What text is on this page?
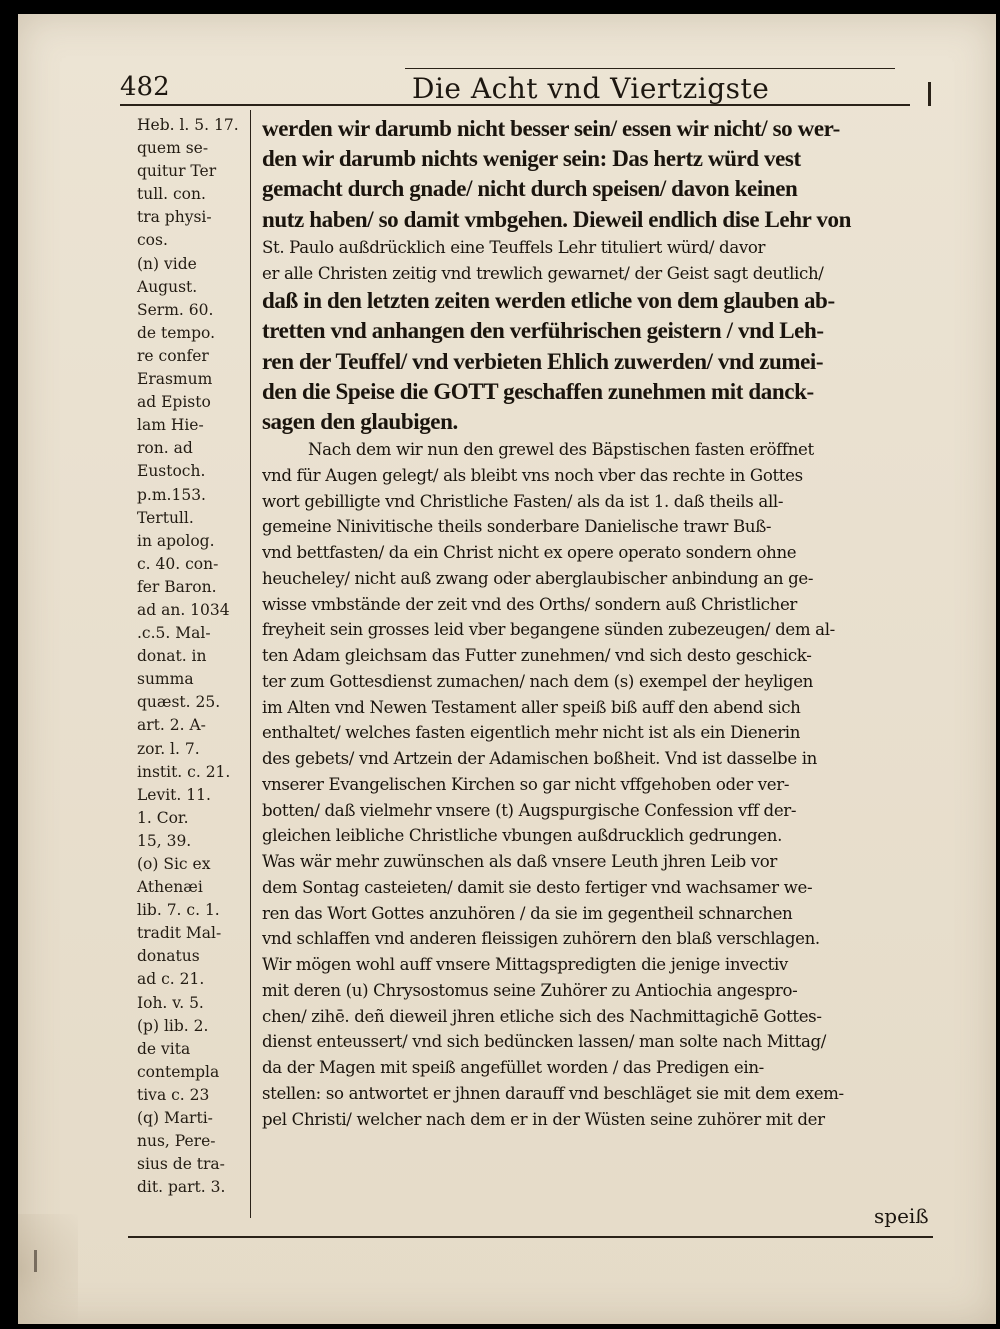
482	Die Acht vnd Viertzigste
Heb. l. 5. 17.
quem se-
quitur Ter
tull. con.
tra physi-
cos.
(n) vide
August.
Serm. 60.
de tempo.
re confer
Erasmum
ad Episto
lam Hie-
ron. ad
Eustoch.
p.m.153.
Tertull.
in apolog.
c. 40. con-
fer Baron.
ad an. 1034
.c.5. Mal-
donat. in
summa
quæst. 25.
art. 2. A-
zor. l. 7.
instit. c. 21.
Levit. 11.
1. Cor.
15, 39.
(o) Sic ex
Athenæi
lib. 7. c. 1.
tradit Mal-
donatus
ad c. 21.
Ioh. v. 5.
(p) lib. 2.
de vita
contempla
tiva c. 23
(q) Marti-
nus, Pere-
sius de tra-
dit. part. 3.
werden wir darumb nicht besser sein/ essen wir nicht/ so wer-
den wir darumb nichts weniger sein: Das hertz würd vest
gemacht durch gnade/ nicht durch speisen/ davon keinen
nutz haben/ so damit vmbgehen. Dieweil endlich dise Lehr von
St. Paulo außdrücklich eine Teuffels Lehr tituliert würd/ davor
er alle Christen zeitig vnd trewlich gewarnet/ der Geist sagt deutlich/
daß in den letzten zeiten werden etliche von dem glauben ab-
tretten vnd anhangen den verführischen geistern / vnd Leh-
ren der Teuffel/ vnd verbieten Ehlich zuwerden/ vnd zumei-
den die Speise die GOTT geschaffen zunehmen mit danck-
sagen den glaubigen.
Nach dem wir nun den grewel des Bäpstischen fasten eröffnet
vnd für Augen gelegt/ als bleibt vns noch vber das rechte in Gottes
wort gebilligte vnd Christliche Fasten/ als da ist 1. daß theils all-
gemeine Ninivitische theils sonderbare Danielische trawr Buß-
vnd bettfasten/ da ein Christ nicht ex opere operato sondern ohne
heucheley/ nicht auß zwang oder aberglaubischer anbindung an ge-
wisse vmbstände der zeit vnd des Orths/ sondern auß Christlicher
freyheit sein grosses leid vber begangene sünden zubezeugen/ dem al-
ten Adam gleichsam das Futter zunehmen/ vnd sich desto geschick-
ter zum Gottesdienst zumachen/ nach dem (s) exempel der heyligen
im Alten vnd Newen Testament aller speiß biß auff den abend sich
enthaltet/ welches fasten eigentlich mehr nicht ist als ein Dienerin
des gebets/ vnd Artzein der Adamischen boßheit. Vnd ist dasselbe in
vnserer Evangelischen Kirchen so gar nicht vffgehoben oder ver-
botten/ daß vielmehr vnsere (t) Augspurgische Confession vff der-
gleichen leibliche Christliche vbungen außdrucklich gedrungen.
Was wär mehr zuwünschen als daß vnsere Leuth jhren Leib vor
dem Sontag casteieten/ damit sie desto fertiger vnd wachsamer we-
ren das Wort Gottes anzuhören / da sie im gegentheil schnarchen
vnd schlaffen vnd anderen fleissigen zuhörern den blaß verschlagen.
Wir mögen wohl auff vnsere Mittagspredigten die jenige invectiv
mit deren (u) Chrysostomus seine Zuhörer zu Antiochia angespro-
chen/ zihē. deñ dieweil jhren etliche sich des Nachmittagichē Gottes-
dienst enteussert/ vnd sich bedüncken lassen/ man solte nach Mittag/
da der Magen mit speiß angefüllet worden / das Predigen ein-
stellen: so antwortet er jhnen darauff vnd beschläget sie mit dem exem-
pel Christi/ welcher nach dem er in der Wüsten seine zuhörer mit der
speiß
